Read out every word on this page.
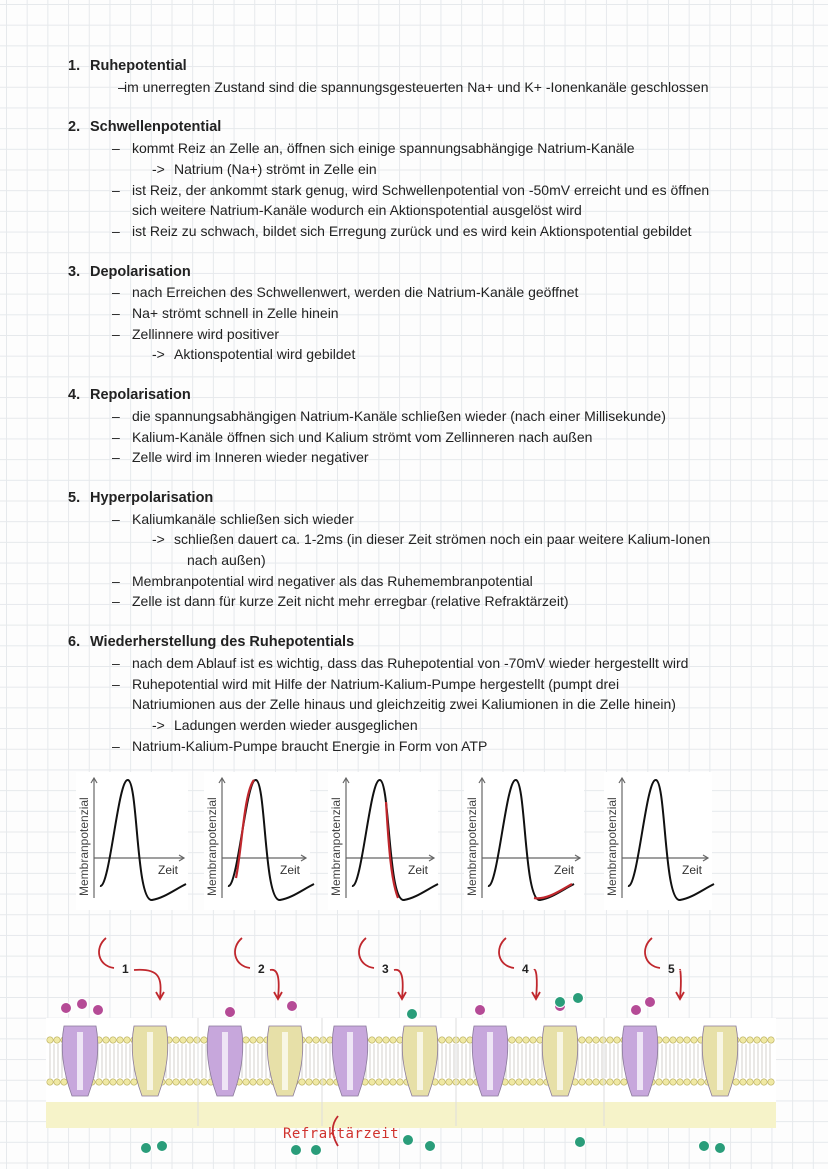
1. Ruhepotential
–
im unerregten Zustand sind die spannungsgesteuerten Na+ und K+ -Ionenkanäle geschlossen
2. Schwellenpotential
– kommt Reiz an Zelle an, öffnen sich einige spannungsabhängige Natrium-Kanäle
-> Natrium (Na+) strömt in Zelle ein
– ist Reiz, der ankommt stark genug, wird Schwellenpotential von -50mV erreicht und es öffnen
sich weitere Natrium-Kanäle wodurch ein Aktionspotential ausgelöst wird
– ist Reiz zu schwach, bildet sich Erregung zurück und es wird kein Aktionspotential gebildet
3. Depolarisation
– nach Erreichen des Schwellenwert, werden die Natrium-Kanäle geöffnet
– Na+ strömt schnell in Zelle hinein
– Zellinnere wird positiver
-> Aktionspotential wird gebildet
4. Repolarisation
– die spannungsabhängigen Natrium-Kanäle schließen wieder (nach einer Millisekunde)
– Kalium-Kanäle öffnen sich und Kalium strömt vom Zellinneren nach außen
– Zelle wird im Inneren wieder negativer
5. Hyperpolarisation
– Kaliumkanäle schließen sich wieder
-> schließen dauert ca. 1-2ms (in dieser Zeit strömen noch ein paar weitere Kalium-Ionen
nach außen)
– Membranpotential wird negativer als das Ruhemembranpotential
– Zelle ist dann für kurze Zeit nicht mehr erregbar (relative Refraktärzeit)
6. Wiederherstellung des Ruhepotentials
– nach dem Ablauf ist es wichtig, dass das Ruhepotential von -70mV wieder hergestellt wird
– Ruhepotential wird mit Hilfe der Natrium-Kalium-Pumpe hergestellt (pumpt drei
Natriumionen aus der Zelle hinaus und gleichzeitig zwei Kaliumionen in die Zelle hinein)
-> Ladungen werden wieder ausgeglichen
– Natrium-Kalium-Pumpe braucht Energie in Form von ATP
Membranpotenzial	Zeit Membranpotenzial	Zeit Membranpotenzial	Zeit	Membranpotenzial	Zeit	Membranpotenzial	Zeit
1	2	3	4	5
Refraktärzeit
